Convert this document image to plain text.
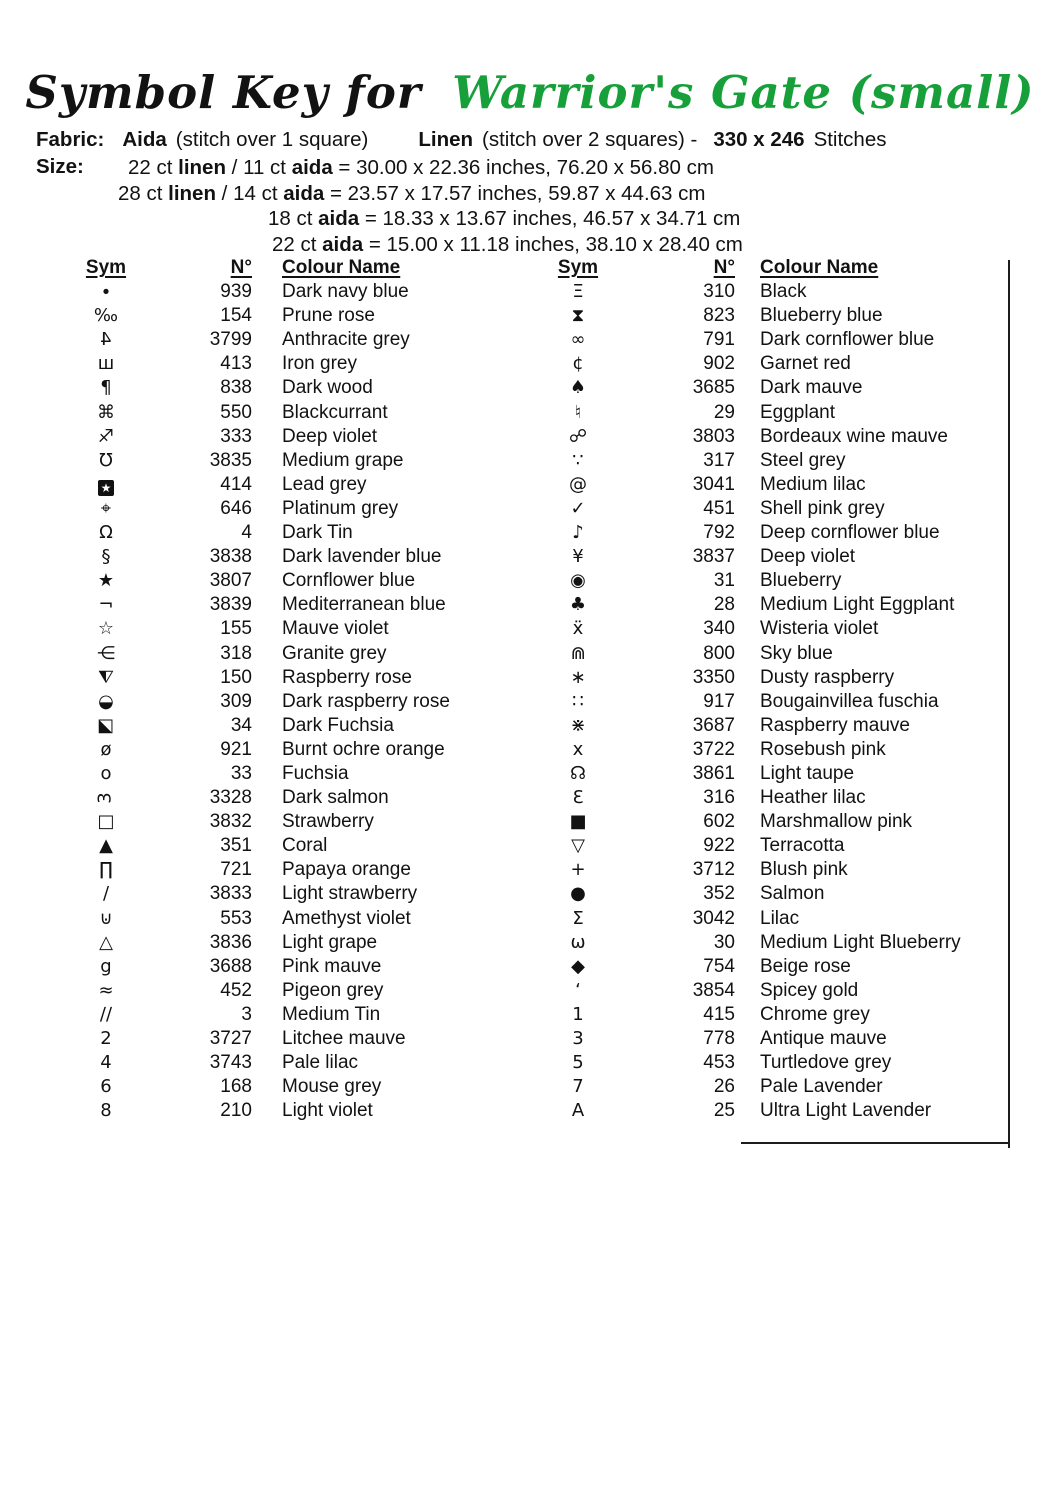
Symbol Key for Warrior's Gate (small)
Fabric: Aida (stitch over 1 square) Linen (stitch over 2 squares) - 330 x 246 Stitches
Size:	22 ct linen / 11 ct aida = 30.00 x 22.36 inches, 76.20 x 56.80 cm
28 ct linen / 14 ct aida = 23.57 x 17.57 inches, 59.87 x 44.63 cm
18 ct aida = 18.33 x 13.67 inches, 46.57 x 34.71 cm
22 ct aida = 15.00 x 11.18 inches, 38.10 x 28.40 cm
Sym	N°	Colour Name
∙	939	Dark navy blue
‰	154	Prune rose
4	3799	Anthracite grey
ш	413	Iron grey
¶	838	Dark wood
⌘	550	Blackcurrant
♐	333	Deep violet
℧	3835	Medium grape
★	414	Lead grey
⌖	646	Platinum grey
Ω	4	Dark Tin
§	3838	Dark lavender blue
★	3807	Cornflower blue
¬	3839	Mediterranean blue
☆	155	Mauve violet
⋲	318	Granite grey
⧨	150	Raspberry rose
◒	309	Dark raspberry rose
◪	34	Dark Fuchsia
ø	921	Burnt ochre orange
o	33	Fuchsia
3	3328	Dark salmon
□	3832	Strawberry
▲	351	Coral
∏	721	Papaya orange
/	3833	Light strawberry
⊍	553	Amethyst violet
△	3836	Light grape
g	3688	Pink mauve
≈	452	Pigeon grey
∕∕	3	Medium Tin
2	3727	Litchee mauve
4	3743	Pale lilac
6	168	Mouse grey
8	210	Light violet
Sym	N°	Colour Name
Ξ	310	Black
⧗	823	Blueberry blue
∞	791	Dark cornflower blue
¢	902	Garnet red
♠	3685	Dark mauve
♮	29	Eggplant
☍	3803	Bordeaux wine mauve
∵	317	Steel grey
@	3041	Medium lilac
✓	451	Shell pink grey
♪	792	Deep cornflower blue
¥	3837	Deep violet
◉	31	Blueberry
♣	28	Medium Light Eggplant
ẍ	340	Wisteria violet
⋒	800	Sky blue
∗	3350	Dusty raspberry
∷	917	Bougainvillea fuschia
⋇	3687	Raspberry mauve
x	3722	Rosebush pink
☊	3861	Light taupe
Ɛ	316	Heather lilac
■	602	Marshmallow pink
▽	922	Terracotta
+	3712	Blush pink
●	352	Salmon
Σ	3042	Lilac
ω	30	Medium Light Blueberry
◆	754	Beige rose
‘	3854	Spicey gold
1	415	Chrome grey
3	778	Antique mauve
5	453	Turtledove grey
7	26	Pale Lavender
A	25	Ultra Light Lavender
